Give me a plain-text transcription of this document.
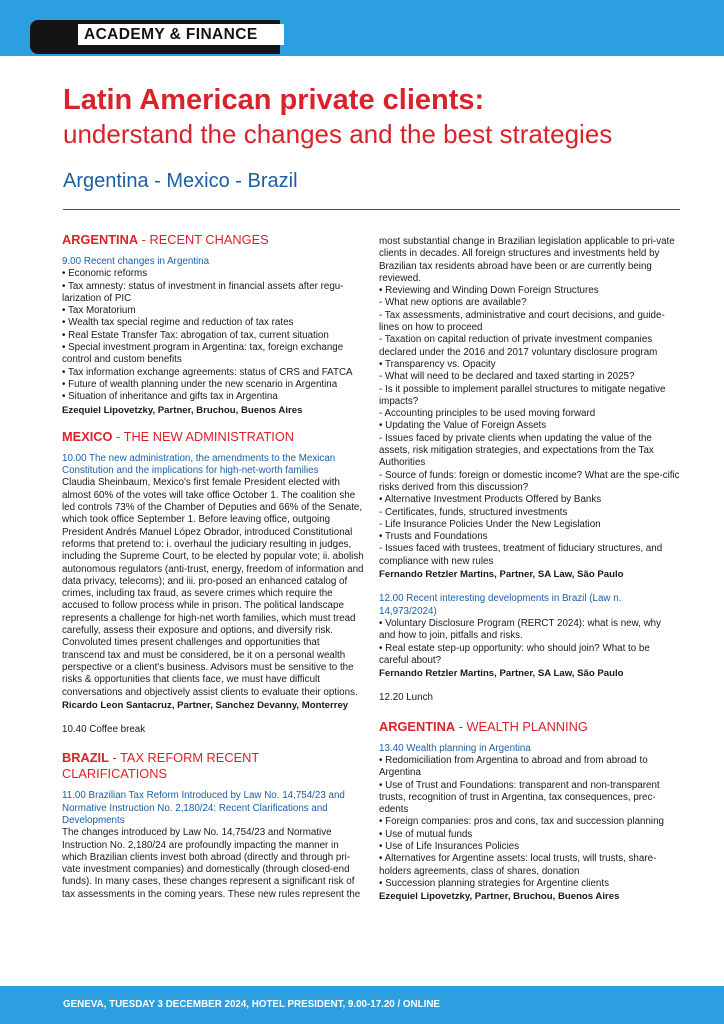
ACADEMY & FINANCE
Latin American private clients:
understand the changes and the best strategies
Argentina - Mexico - Brazil
ARGENTINA - RECENT CHANGES

9.00 Recent changes in Argentina

• Economic reforms

• Tax amnesty: status of investment in financial assets after regu-larization of PIC

• Tax Moratorium

• Wealth tax special regime and reduction of tax rates

• Real Estate Transfer Tax: abrogation of tax, current situation

• Special investment program in Argentina: tax, foreign exchange control and custom benefits

• Tax information exchange agreements: status of CRS and FATCA

• Future of wealth planning under the new scenario in Argentina

• Situation of inheritance and gifts tax in Argentina

Ezequiel Lipovetzky, Partner, Bruchou, Buenos Aires

MEXICO - THE NEW ADMINISTRATION

10.00 The new administration, the amendments to the Mexican Constitution and the implications for high-net-worth families

Claudia Sheinbaum, Mexico's first female President elected with almost 60% of the votes will take office October 1. The coalition she led controls 73% of the Chamber of Deputies and 66% of the Senate, which took office September 1. Before leaving office, outgoing President Andrés Manuel López Obrador, introduced Constitutional reforms that pretend to: i. overhaul the judiciary resulting in judges, including the Supreme Court, to be elected by popular vote; ii. abolish autonomous regulators (anti-trust, energy, freedom of information and data privacy, telecoms); and iii. pro-posed an enhanced catalog of crimes, including tax fraud, as severe crimes which require the accused to follow process while in prison. The political landscape represents a challenge for high-net worth families, which must tread carefully, assess their exposure and options, and diversify risk. Convoluted times present challenges and opportunities that transcend tax and must be considered, be it on a personal wealth perspective or a client's business. Advisors must be sensitive to the risks & opportunities that clients face, we must have difficult conversations and objectively assist clients to evaluate their options.

Ricardo Leon Santacruz, Partner, Sanchez Devanny, Monterrey

10.40 Coffee break

BRAZIL - TAX REFORM RECENT CLARIFICATIONS

11.00 Brazilian Tax Reform Introduced by Law No. 14,754/23 and Normative Instruction No. 2,180/24: Recent Clarifications and Developments

The changes introduced by Law No. 14,754/23 and Normative Instruction No. 2,180/24 are profoundly impacting the manner in which Brazilian clients invest both abroad (directly and through pri-vate investment companies) and domestically (through closed-end funds). In many cases, these changes represent a significant risk of tax assessments in the coming years. These new rules represent the

most substantial change in Brazilian legislation applicable to pri-vate clients in decades. All foreign structures and investments held by Brazilian tax residents abroad have been or are currently being reviewed.

• Reviewing and Winding Down Foreign Structures

- What new options are available?

- Tax assessments, administrative and court decisions, and guide-lines on how to proceed

- Taxation on capital reduction of private investment companies declared under the 2016 and 2017 voluntary disclosure program

• Transparency vs. Opacity

- What will need to be declared and taxed starting in 2025?

- Is it possible to implement parallel structures to mitigate negative impacts?

- Accounting principles to be used moving forward

• Updating the Value of Foreign Assets

- Issues faced by private clients when updating the value of the assets, risk mitigation strategies, and expectations from the Tax Authorities

- Source of funds: foreign or domestic income? What are the spe-cific risks derived from this discussion?

• Alternative Investment Products Offered by Banks

- Certificates, funds, structured investments

- Life Insurance Policies Under the New Legislation

• Trusts and Foundations

- Issues faced with trustees, treatment of fiduciary structures, and compliance with new rules

Fernando Retzler Martins, Partner, SA Law, São Paulo

12.00 Recent interesting developments in Brazil (Law n. 14,973/2024)

• Voluntary Disclosure Program (RERCT 2024): what is new, why and how to join, pitfalls and risks.

• Real estate step-up opportunity: who should join? What to be careful about?

Fernando Retzler Martins, Partner, SA Law, São Paulo

12.20 Lunch

ARGENTINA - WEALTH PLANNING

13.40 Wealth planning in Argentina

• Redomiciliation from Argentina to abroad and from abroad to Argentina

• Use of Trust and Foundations: transparent and non-transparent trusts, recognition of trust in Argentina, tax consequences, prec-edents

• Foreign companies: pros and cons, tax and succession planning

• Use of mutual funds

• Use of Life Insurances Policies

• Alternatives for Argentine assets: local trusts, will trusts, share-holders agreements, class of shares, donation

• Succession planning strategies for Argentine clients

Ezequiel Lipovetzky, Partner, Bruchou, Buenos Aires

GENEVA, TUESDAY 3 DECEMBER 2024, HOTEL PRESIDENT, 9.00-17.20 / ONLINE
